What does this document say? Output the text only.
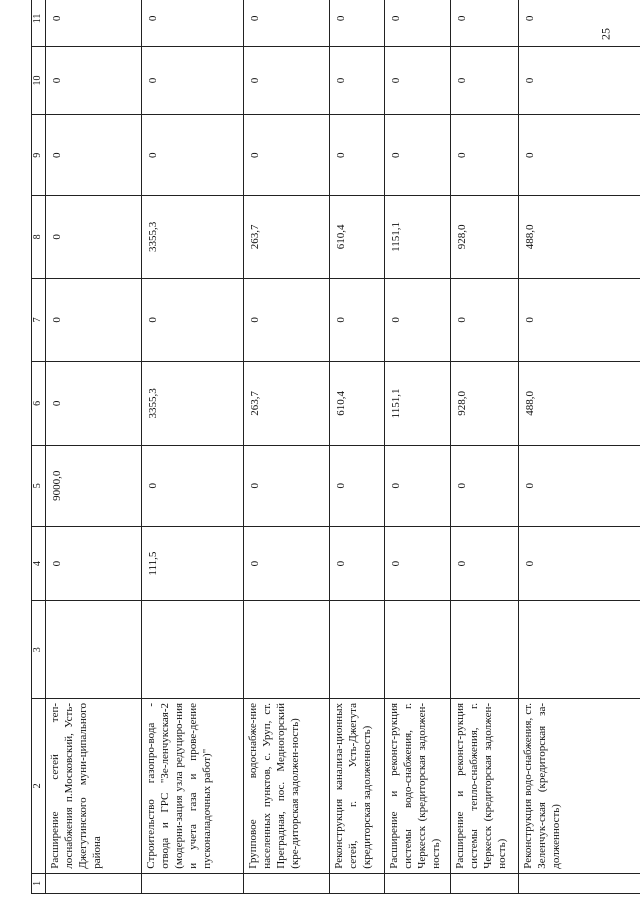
25
1	2	3	4	5	6	7	8	9	10	11
	Расширение сетей теп-лоснабжения п.Московский, Усть-Джегутинского муни-ципального района		0	9000,0	0	0	0	0	0	0
	Строительство газопро-вода - отвода и ГРС "Зе-ленчукская-2 (модерни-зация узла редуциро-ния и учета газа и прове-дение пусконаладочных работ)"		111,5	0	3355,3	0	3355,3	0	0	0
	Групповое водоснабже-ние населенных пунктов, с. Уруп, ст. Преградная, пос. Медногорский (кре-диторская задолжен-ность)		0	0	263,7	0	263,7	0	0	0
	Реконструкция канализа-ционных сетей, г. Усть-Джегута (кредиторская задолженность)		0	0	610,4	0	610,4	0	0	0
	Расширение и реконст-рукция системы водо-снабжения, г. Черкесск (кредиторская задолжен-ность)		0	0	1151,1	0	1151,1	0	0	0
	Расширение и реконст-рукция системы тепло-снабжения, г. Черкесск (кредиторская задолжен-ность)		0	0	928,0	0	928,0	0	0	0
	Реконструкция водо-снабжения, ст. Зеленчук-ская (кредиторская за-долженность)		0	0	488,0	0	488,0	0	0	0
